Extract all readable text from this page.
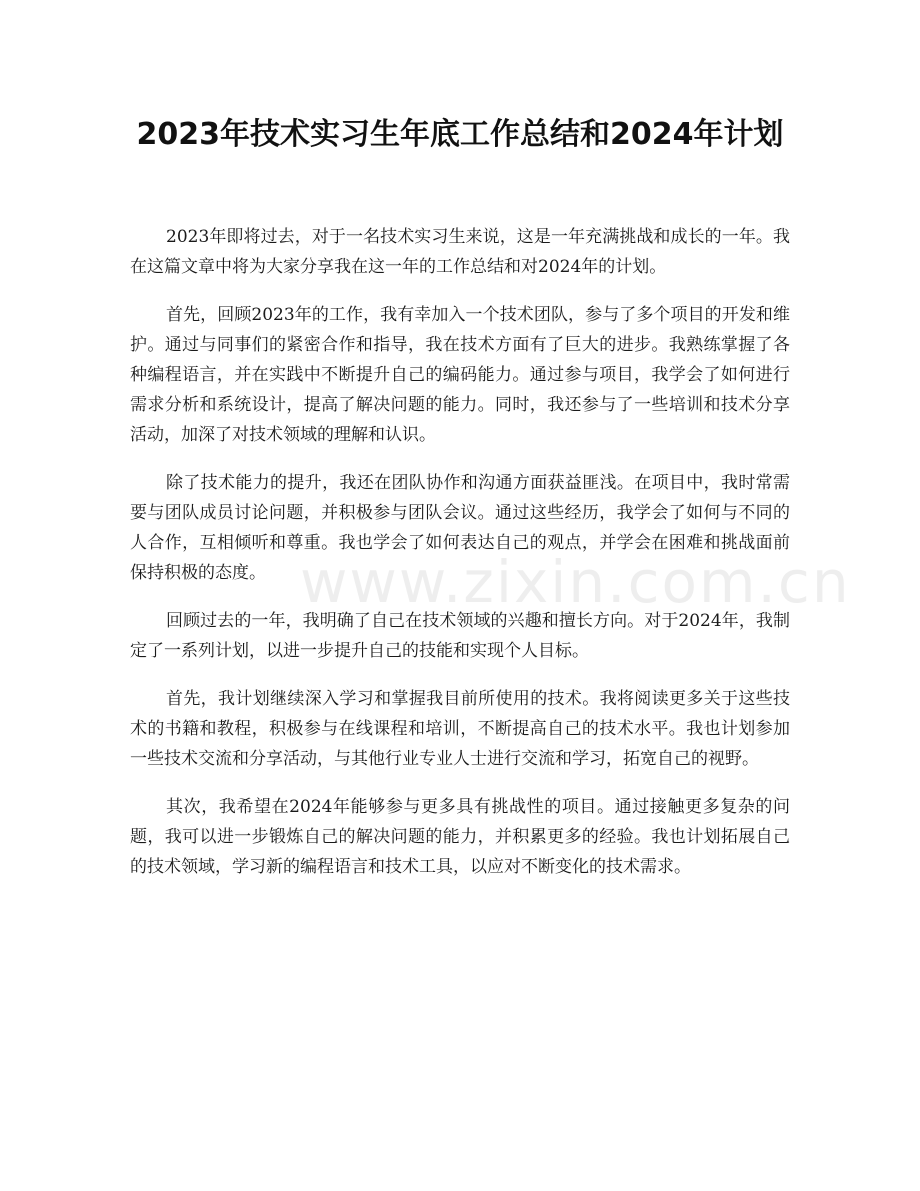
2023年技术实习生年底工作总结和2024年计划
www.zixin.com.cn

2023年即将过去，对于一名技术实习生来说，这是一年充满挑战和成长的一年。我在这篇文章中将为大家分享我在这一年的工作总结和对2024年的计划。

首先，回顾2023年的工作，我有幸加入一个技术团队，参与了多个项目的开发和维护。通过与同事们的紧密合作和指导，我在技术方面有了巨大的进步。我熟练掌握了各种编程语言，并在实践中不断提升自己的编码能力。通过参与项目，我学会了如何进行需求分析和系统设计，提高了解决问题的能力。同时，我还参与了一些培训和技术分享活动，加深了对技术领域的理解和认识。

除了技术能力的提升，我还在团队协作和沟通方面获益匪浅。在项目中，我时常需要与团队成员讨论问题，并积极参与团队会议。通过这些经历，我学会了如何与不同的人合作，互相倾听和尊重。我也学会了如何表达自己的观点，并学会在困难和挑战面前保持积极的态度。

回顾过去的一年，我明确了自己在技术领域的兴趣和擅长方向。对于2024年，我制定了一系列计划，以进一步提升自己的技能和实现个人目标。

首先，我计划继续深入学习和掌握我目前所使用的技术。我将阅读更多关于这些技术的书籍和教程，积极参与在线课程和培训，不断提高自己的技术水平。我也计划参加一些技术交流和分享活动，与其他行业专业人士进行交流和学习，拓宽自己的视野。

其次，我希望在2024年能够参与更多具有挑战性的项目。通过接触更多复杂的问题，我可以进一步锻炼自己的解决问题的能力，并积累更多的经验。我也计划拓展自己的技术领域，学习新的编程语言和技术工具，以应对不断变化的技术需求。
